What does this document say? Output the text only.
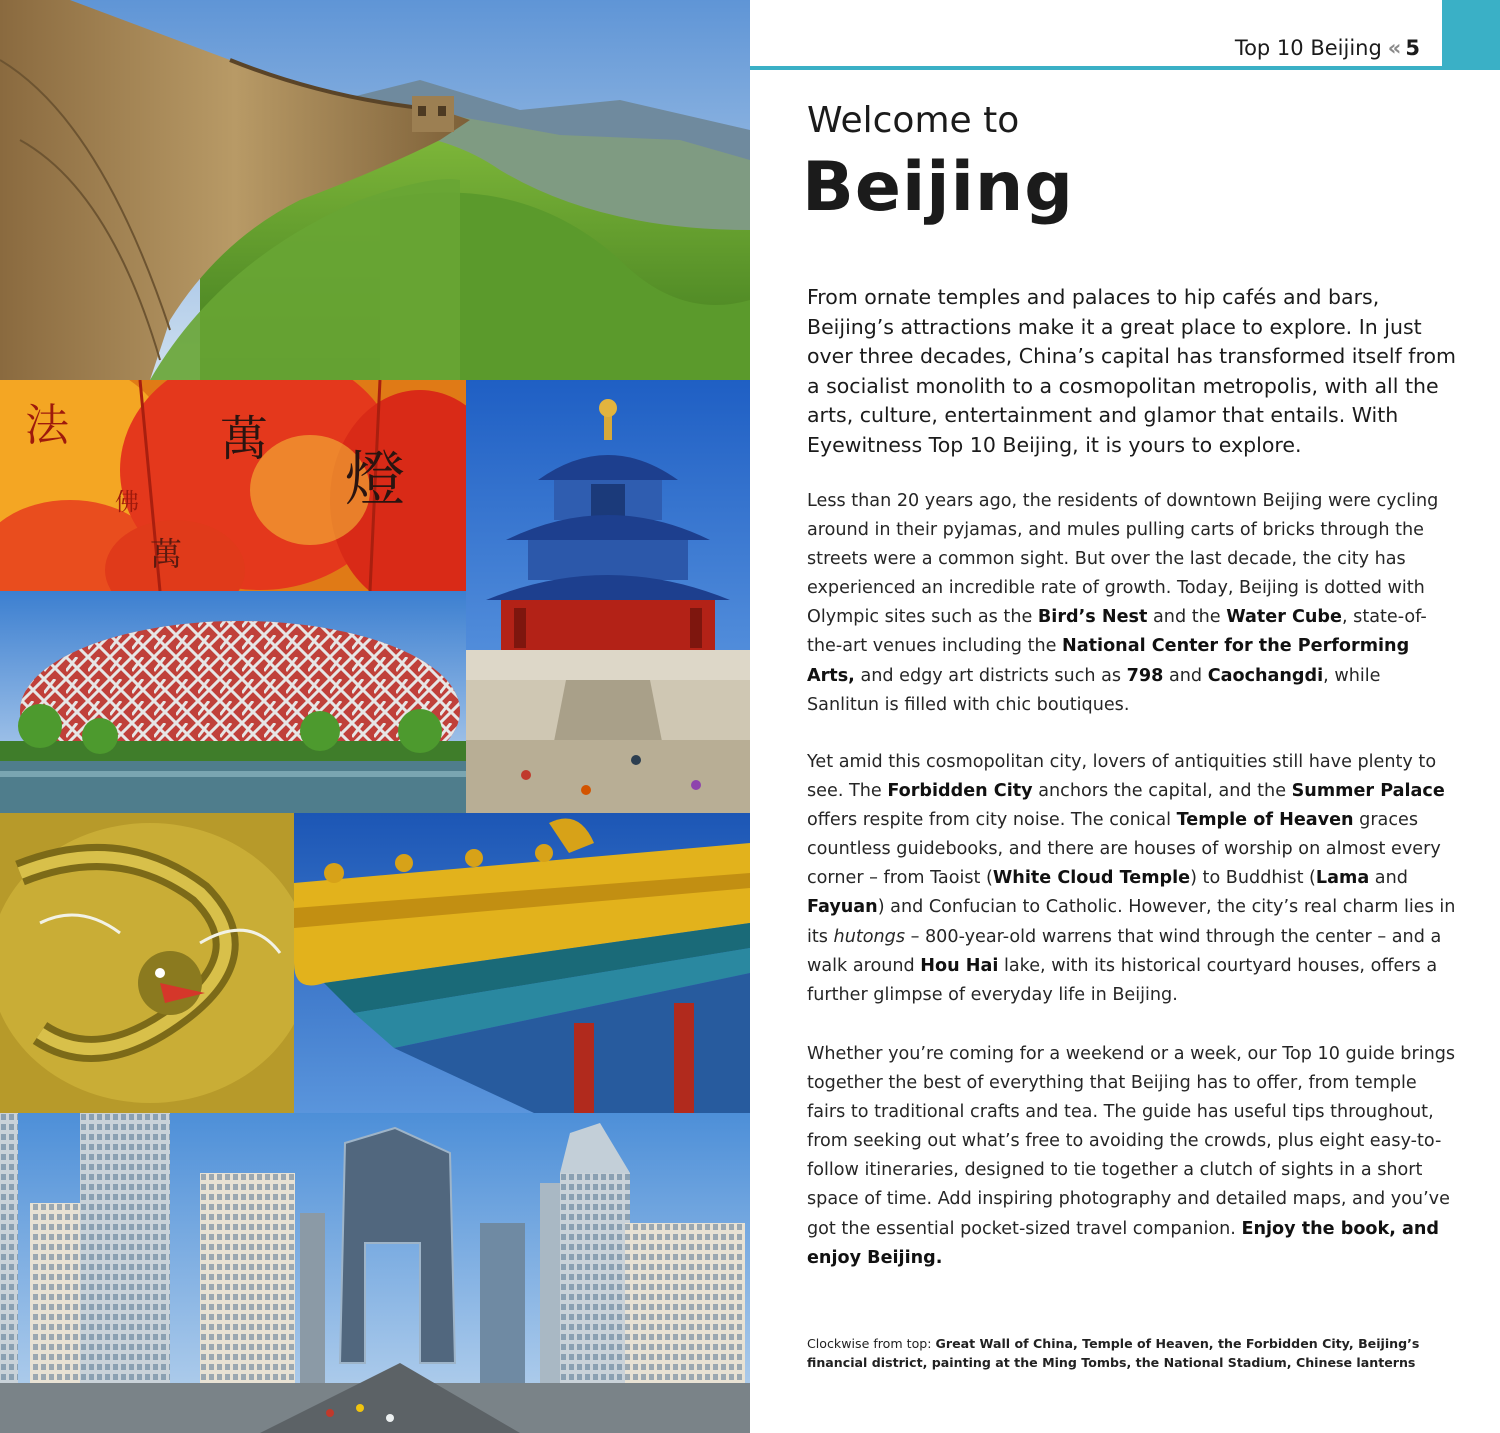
法	萬
燈
佛
萬
Top 10 Beijing « 5
Welcome to
Beijing

From ornate temples and palaces to hip cafés and bars, Beijing’s attractions make it a great place to explore. In just over three decades, China’s capital has transformed itself from a socialist monolith to a cosmopolitan metropolis, with all the arts, culture, entertainment and glamor that entails. With Eyewitness Top 10 Beijing, it is yours to explore.

Less than 20 years ago, the residents of downtown Beijing were cycling around in their pyjamas, and mules pulling carts of bricks through the streets were a common sight. But over the last decade, the city has experienced an incredible rate of growth. Today, Beijing is dotted with Olympic sites such as the Bird’s Nest and the Water Cube, state-of-the-art venues including the National Center for the Performing Arts, and edgy art districts such as 798 and Caochangdi, while Sanlitun is filled with chic boutiques.

Yet amid this cosmopolitan city, lovers of antiquities still have plenty to see. The Forbidden City anchors the capital, and the Summer Palace offers respite from city noise. The conical Temple of Heaven graces countless guidebooks, and there are houses of worship on almost every corner – from Taoist (White Cloud Temple) to Buddhist (Lama and Fayuan) and Confucian to Catholic. However, the city’s real charm lies in its hutongs – 800-year-old warrens that wind through the center – and a walk around Hou Hai lake, with its historical courtyard houses, offers a further glimpse of everyday life in Beijing.

Whether you’re coming for a weekend or a week, our Top 10 guide brings together the best of everything that Beijing has to offer, from temple fairs to traditional crafts and tea. The guide has useful tips throughout, from seeking out what’s free to avoiding the crowds, plus eight easy-to-follow itineraries, designed to tie together a clutch of sights in a short space of time. Add inspiring photography and detailed maps, and you’ve got the essential pocket-sized travel companion. Enjoy the book, and enjoy Beijing.

Clockwise from top: Great Wall of China, Temple of Heaven, the Forbidden City, Beijing’s financial district, painting at the Ming Tombs, the National Stadium, Chinese lanterns
